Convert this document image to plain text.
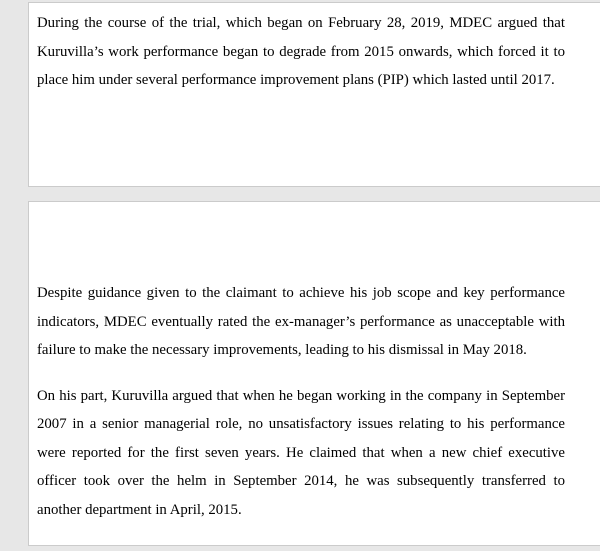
During the course of the trial, which began on February 28, 2019, MDEC argued that Kuruvilla’s work performance began to degrade from 2015 onwards, which forced it to place him under several performance improvement plans (PIP) which lasted until 2017.

Despite guidance given to the claimant to achieve his job scope and key performance indicators, MDEC eventually rated the ex-manager’s performance as unacceptable with failure to make the necessary improvements, leading to his dismissal in May 2018.

On his part, Kuruvilla argued that when he began working in the company in September 2007 in a senior managerial role, no unsatisfactory issues relating to his performance were reported for the first seven years. He claimed that when a new chief executive officer took over the helm in September 2014, he was subsequently transferred to another department in April, 2015.
